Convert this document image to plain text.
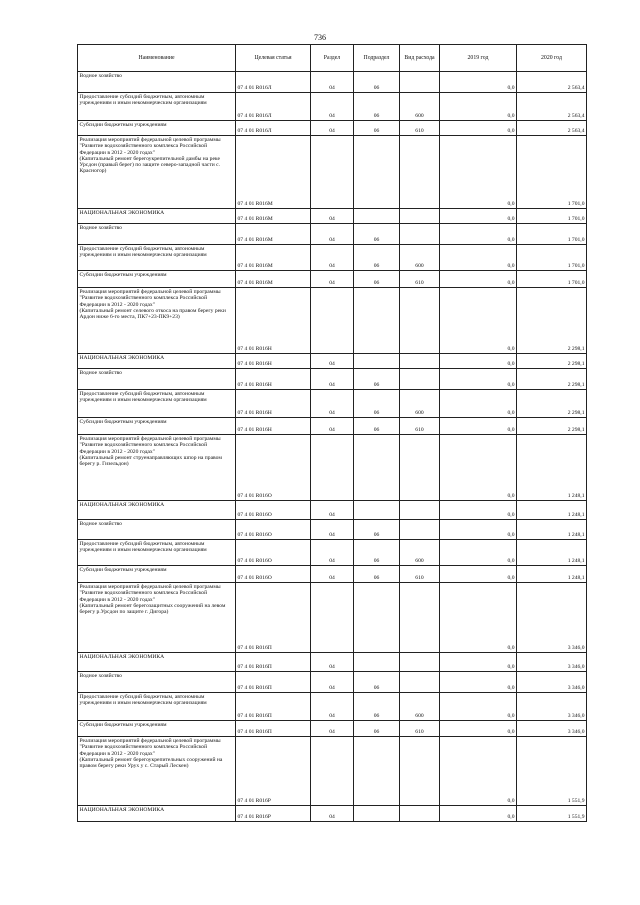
736
Наименование	Целевая статья	Раздел	Подраздел	Вид расхода	2019 год	2020 год
Водное хозяйство	07 4 01 R016Л	04	06		0,0	2 563,4
Предоставление субсидий бюджетным, автономным учреждениям и иным некоммерческим организациям	07 4 01 R016Л	04	06	600	0,0	2 563,4
Субсидии бюджетным учреждениям	07 4 01 R016Л	04	06	610	0,0	2 563,4
Реализация мероприятий федеральной целевой программы "Развитие водохозяйственного комплекса Российской Федерации в 2012 - 2020 годах"
(Капитальный ремонт берегоукрепительной дамбы на реке Урсдон (правый берег) по защите северо-западной части с. Красногор)	07 4 01 R016М				0,0	1 701,0
НАЦИОНАЛЬНАЯ ЭКОНОМИКА	07 4 01 R016М	04			0,0	1 701,0
Водное хозяйство	07 4 01 R016М	04	06		0,0	1 701,0
Предоставление субсидий бюджетным, автономным учреждениям и иным некоммерческим организациям	07 4 01 R016М	04	06	600	0,0	1 701,0
Субсидии бюджетным учреждениям	07 4 01 R016М	04	06	610	0,0	1 701,0
Реализация мероприятий федеральной целевой программы "Развитие водохозяйственного комплекса Российской Федерации в 2012 - 2020 годах"
(Капитальный ремонт селевого откоса на правом берегу реки Ардон ниже 6-го места, ПК7+23-ПК9+23)	07 4 01 R016Н				0,0	2 298,1
НАЦИОНАЛЬНАЯ ЭКОНОМИКА	07 4 01 R016Н	04			0,0	2 298,1
Водное хозяйство	07 4 01 R016Н	04	06		0,0	2 298,1
Предоставление субсидий бюджетным, автономным учреждениям и иным некоммерческим организациям	07 4 01 R016Н	04	06	600	0,0	2 298,1
Субсидии бюджетным учреждениям	07 4 01 R016Н	04	06	610	0,0	2 298,1
Реализация мероприятий федеральной целевой программы "Развитие водохозяйственного комплекса Российской Федерации в 2012 - 2020 годах"
(Капитальный ремонт струенаправляющих шпор на правом берегу р. Гизельдон)	07 4 01 R016О				0,0	1 248,1
НАЦИОНАЛЬНАЯ ЭКОНОМИКА	07 4 01 R016О	04			0,0	1 248,1
Водное хозяйство	07 4 01 R016О	04	06		0,0	1 248,1
Предоставление субсидий бюджетным, автономным учреждениям и иным некоммерческим организациям	07 4 01 R016О	04	06	600	0,0	1 248,1
Субсидии бюджетным учреждениям	07 4 01 R016О	04	06	610	0,0	1 248,1
Реализация мероприятий федеральной целевой программы "Развитие водохозяйственного комплекса Российской Федерации в 2012 - 2020 годах"
(Капитальный ремонт берегозащитных сооружений на левом берегу р.Урсдон по защите г. Дигора)	07 4 01 R016П				0,0	3 346,0
НАЦИОНАЛЬНАЯ ЭКОНОМИКА	07 4 01 R016П	04			0,0	3 346,0
Водное хозяйство	07 4 01 R016П	04	06		0,0	3 346,0
Предоставление субсидий бюджетным, автономным учреждениям и иным некоммерческим организациям	07 4 01 R016П	04	06	600	0,0	3 346,0
Субсидии бюджетным учреждениям	07 4 01 R016П	04	06	610	0,0	3 346,0
Реализация мероприятий федеральной целевой программы "Развитие водохозяйственного комплекса Российской Федерации в 2012 - 2020 годах"
(Капитальный ремонт берегоукрепительных сооружений на правом берегу реки Урух у с. Старый Лескен)	07 4 01 R016Р				0,0	1 551,9
НАЦИОНАЛЬНАЯ ЭКОНОМИКА	07 4 01 R016Р	04			0,0	1 551,9
